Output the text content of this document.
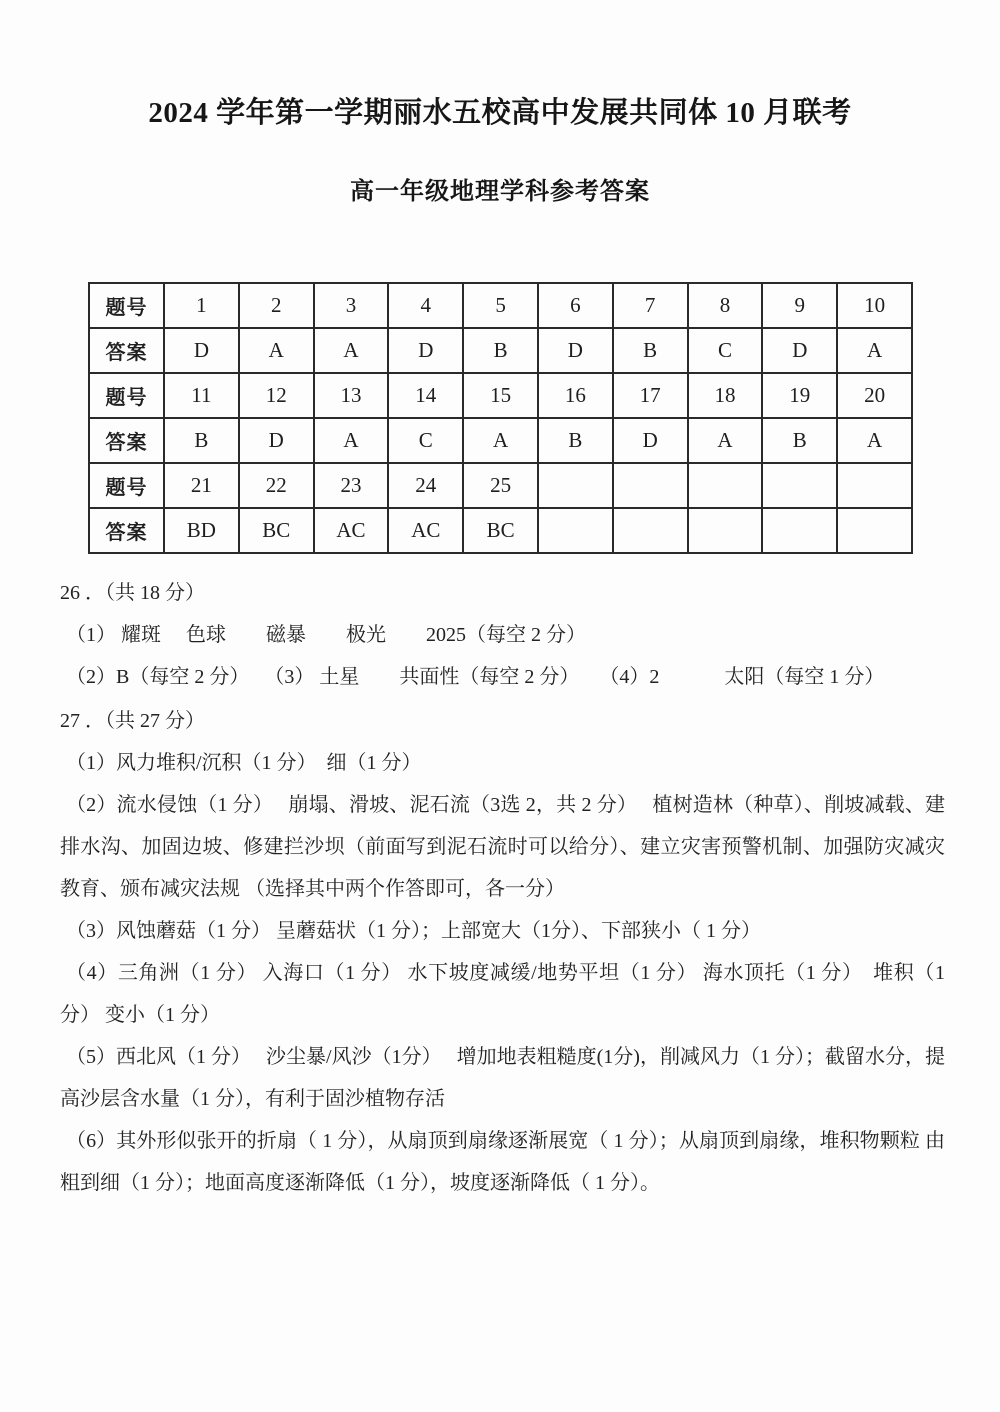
2024 学年第一学期丽水五校高中发展共同体 10 月联考
高一年级地理学科参考答案
题号	1	2	3	4	5	6	7	8	9	10
答案	D	A	A	D	B	D	B	C	D	A
题号	11	12	13	14	15	16	17	18	19	20
答案	B	D	A	C	A	B	D	A	B	A
题号	21	22	23	24	25					
答案	BD	BC	AC	AC	BC					

26 ．（共 18 分）

（1） 耀斑　 色球　　磁暴　　极光　　2025（每空 2 分）

（2）B（每空 2 分）　 （3） 土星　　共面性（每空 2 分）　　（4）2　　　 太阳（每空 1 分）

27 ．（共 27 分）

（1）风力堆积/沉积（1 分）　细（1 分）

（2）流水侵蚀（1 分）　 崩塌、滑坡、泥石流（3选 2，共 2 分）　 植树造林（种草）、削坡减载、建排水沟、加固边坡、修建拦沙坝（前面写到泥石流时可以给分）、建立灾害预警机制、加强防灾减灾教育、颁布减灾法规 （选择其中两个作答即可，各一分）

（3）风蚀蘑菇（1 分） 呈蘑菇状（1 分）；上部宽大（1分）、下部狭小（ 1 分）

（4）三角洲（1 分） 入海口（1 分） 水下坡度减缓/地势平坦（1 分） 海水顶托（1 分）　堆积（1 分） 变小（1 分）

（5）西北风（1 分）　 沙尘暴/风沙（1分）　 增加地表粗糙度(1分)，削减风力（1 分）；截留水分，提高沙层含水量（1 分），有利于固沙植物存活

（6）其外形似张开的折扇（ 1 分），从扇顶到扇缘逐渐展宽（ 1 分）；从扇顶到扇缘，堆积物颗粒 由粗到细（1 分）；地面高度逐渐降低（1 分），坡度逐渐降低（ 1 分）。
